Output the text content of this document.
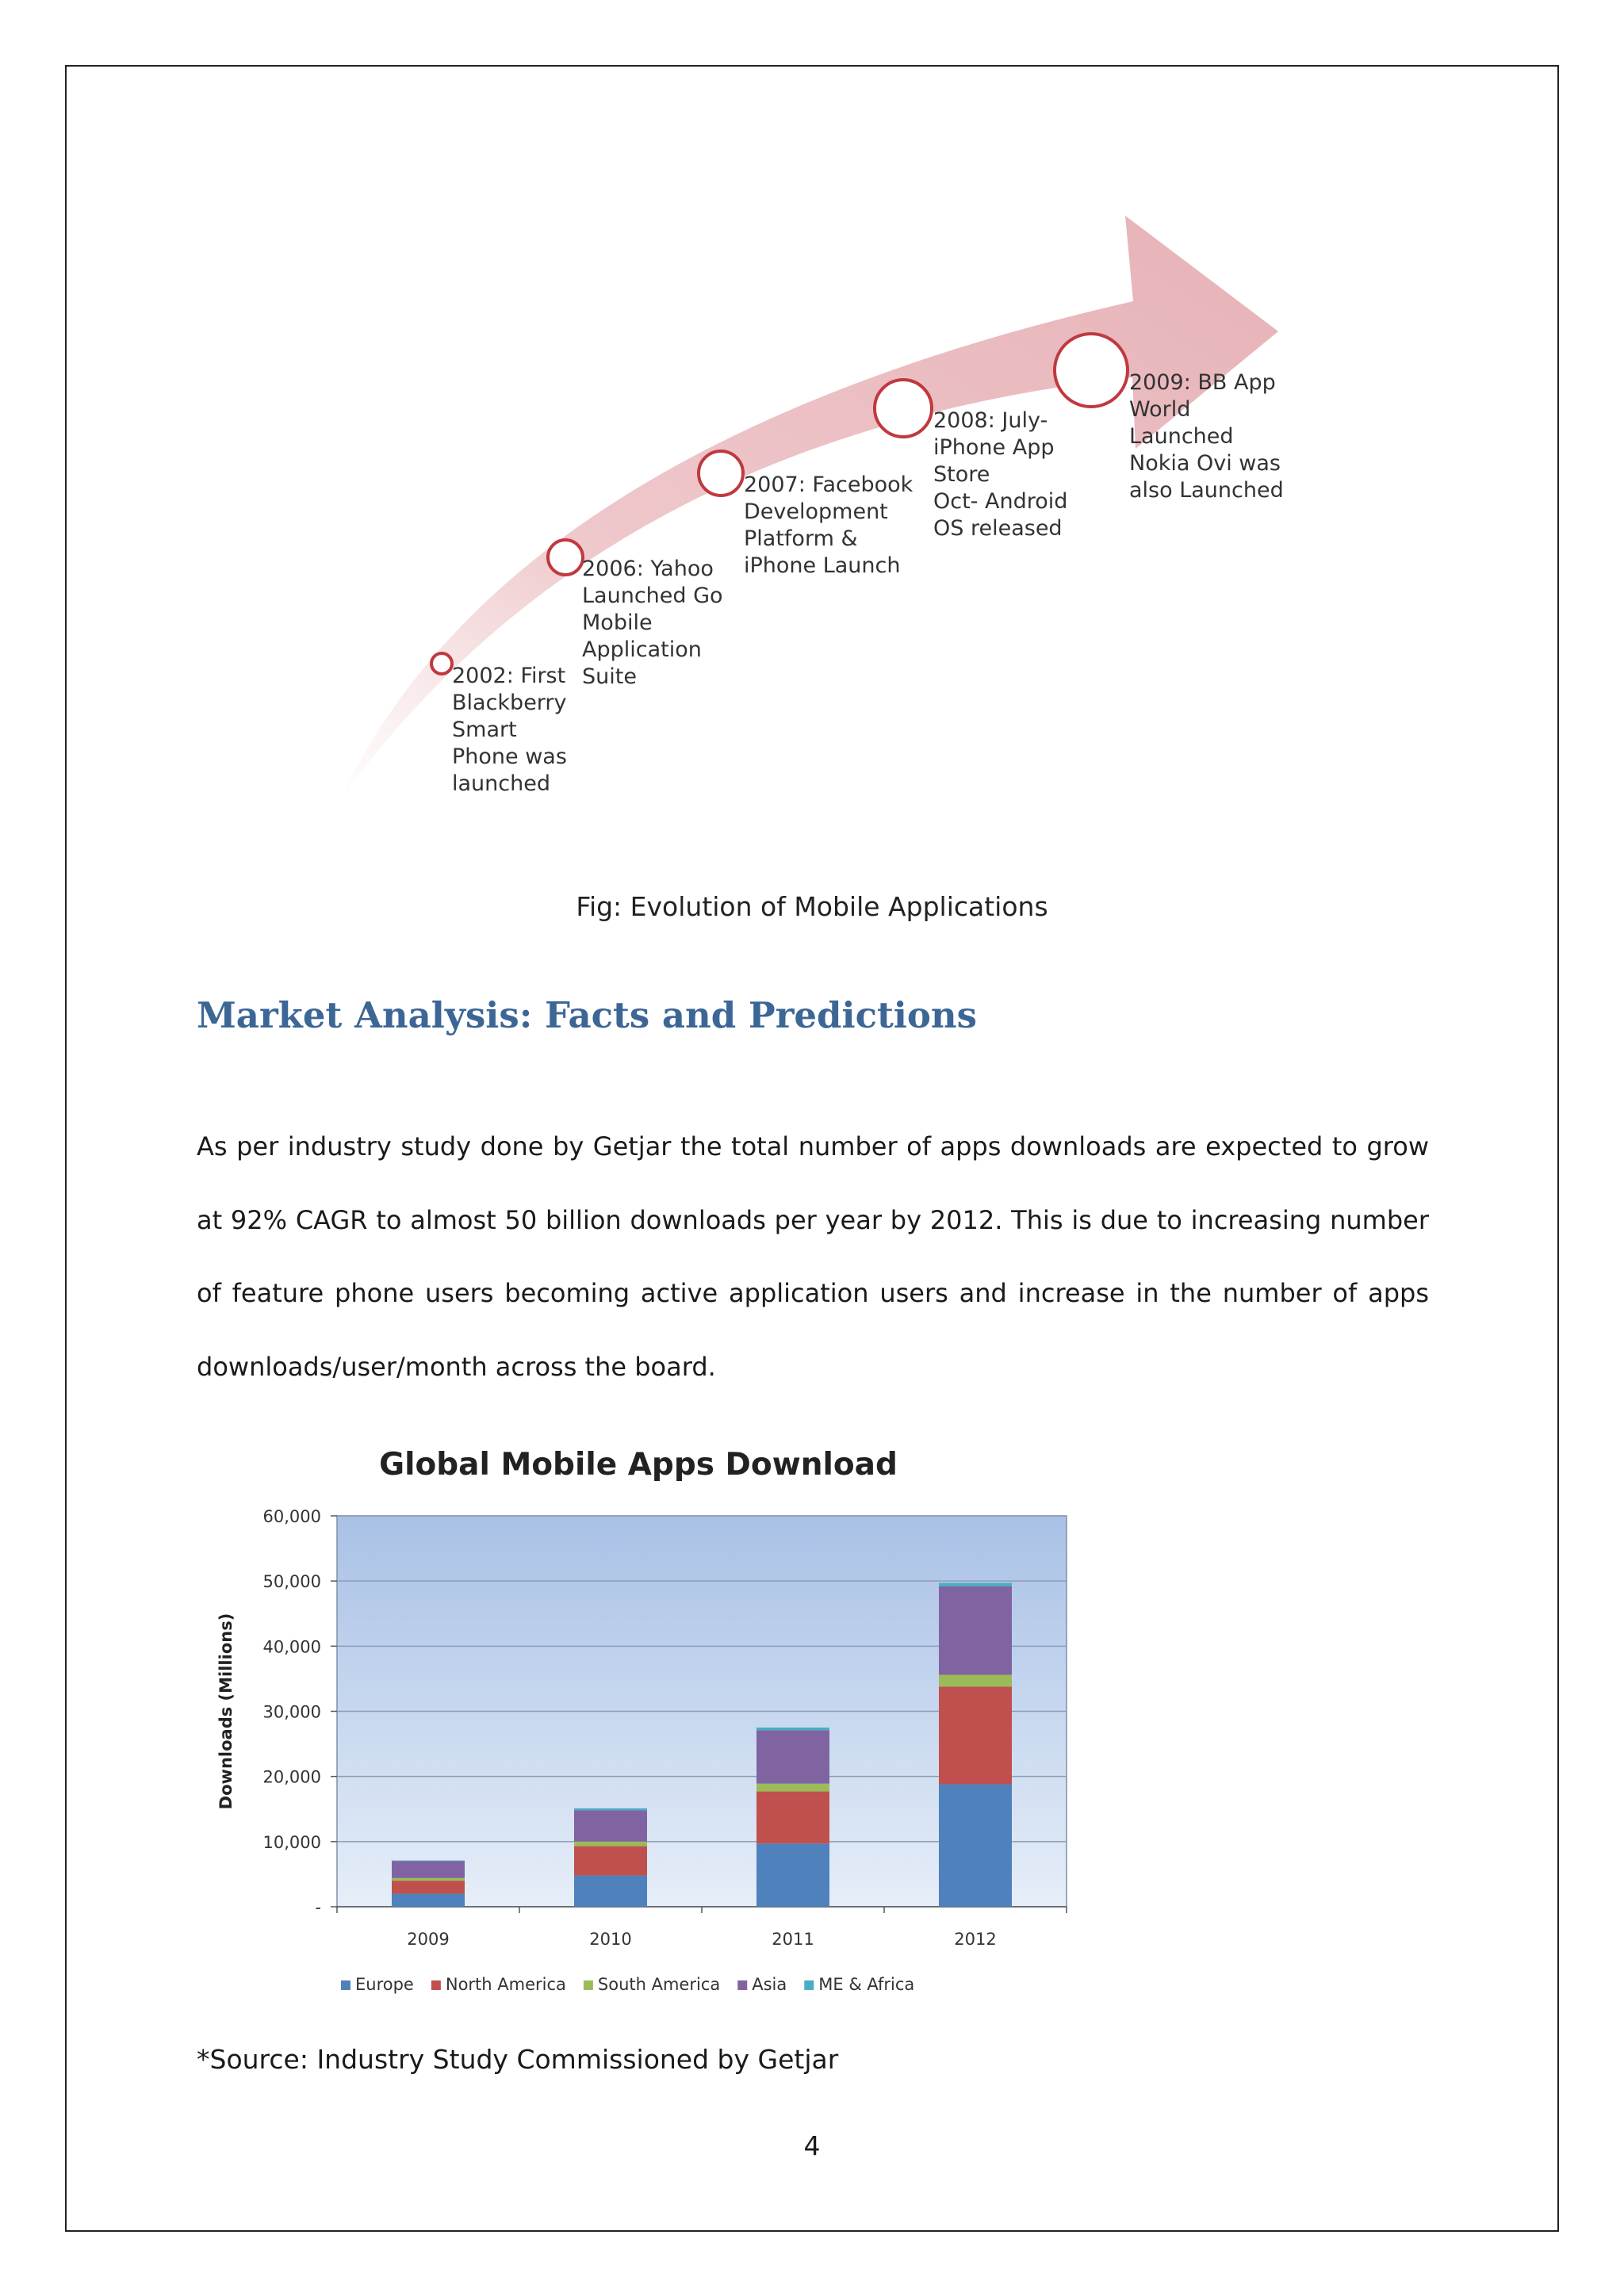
2002: First
Blackberry
Smart
Phone was
launched
2006: Yahoo
Launched Go
Mobile
Application
Suite
2007: Facebook
Development
Platform &
iPhone Launch
2008: July-
iPhone App
Store
Oct- Android
OS released
2009: BB App
World
Launched
Nokia Ovi was
also Launched
Fig: Evolution of Mobile Applications
Market Analysis: Facts and Predictions
As per industry study done by Getjar the total number of apps downloads are expected to grow at 92% CAGR to almost 50 billion downloads per year by 2012. This is due to increasing number of feature phone users becoming active application users and increase in the number of apps downloads/user/month across the board.
Global Mobile Apps Download
-
10,000
20,000
30,000
40,000
50,000
60,000
Downloads (Millions)
2009	2010	2011	2012
Europe North America South America Asia ME & Africa
*Source: Industry Study Commissioned by Getjar
4
